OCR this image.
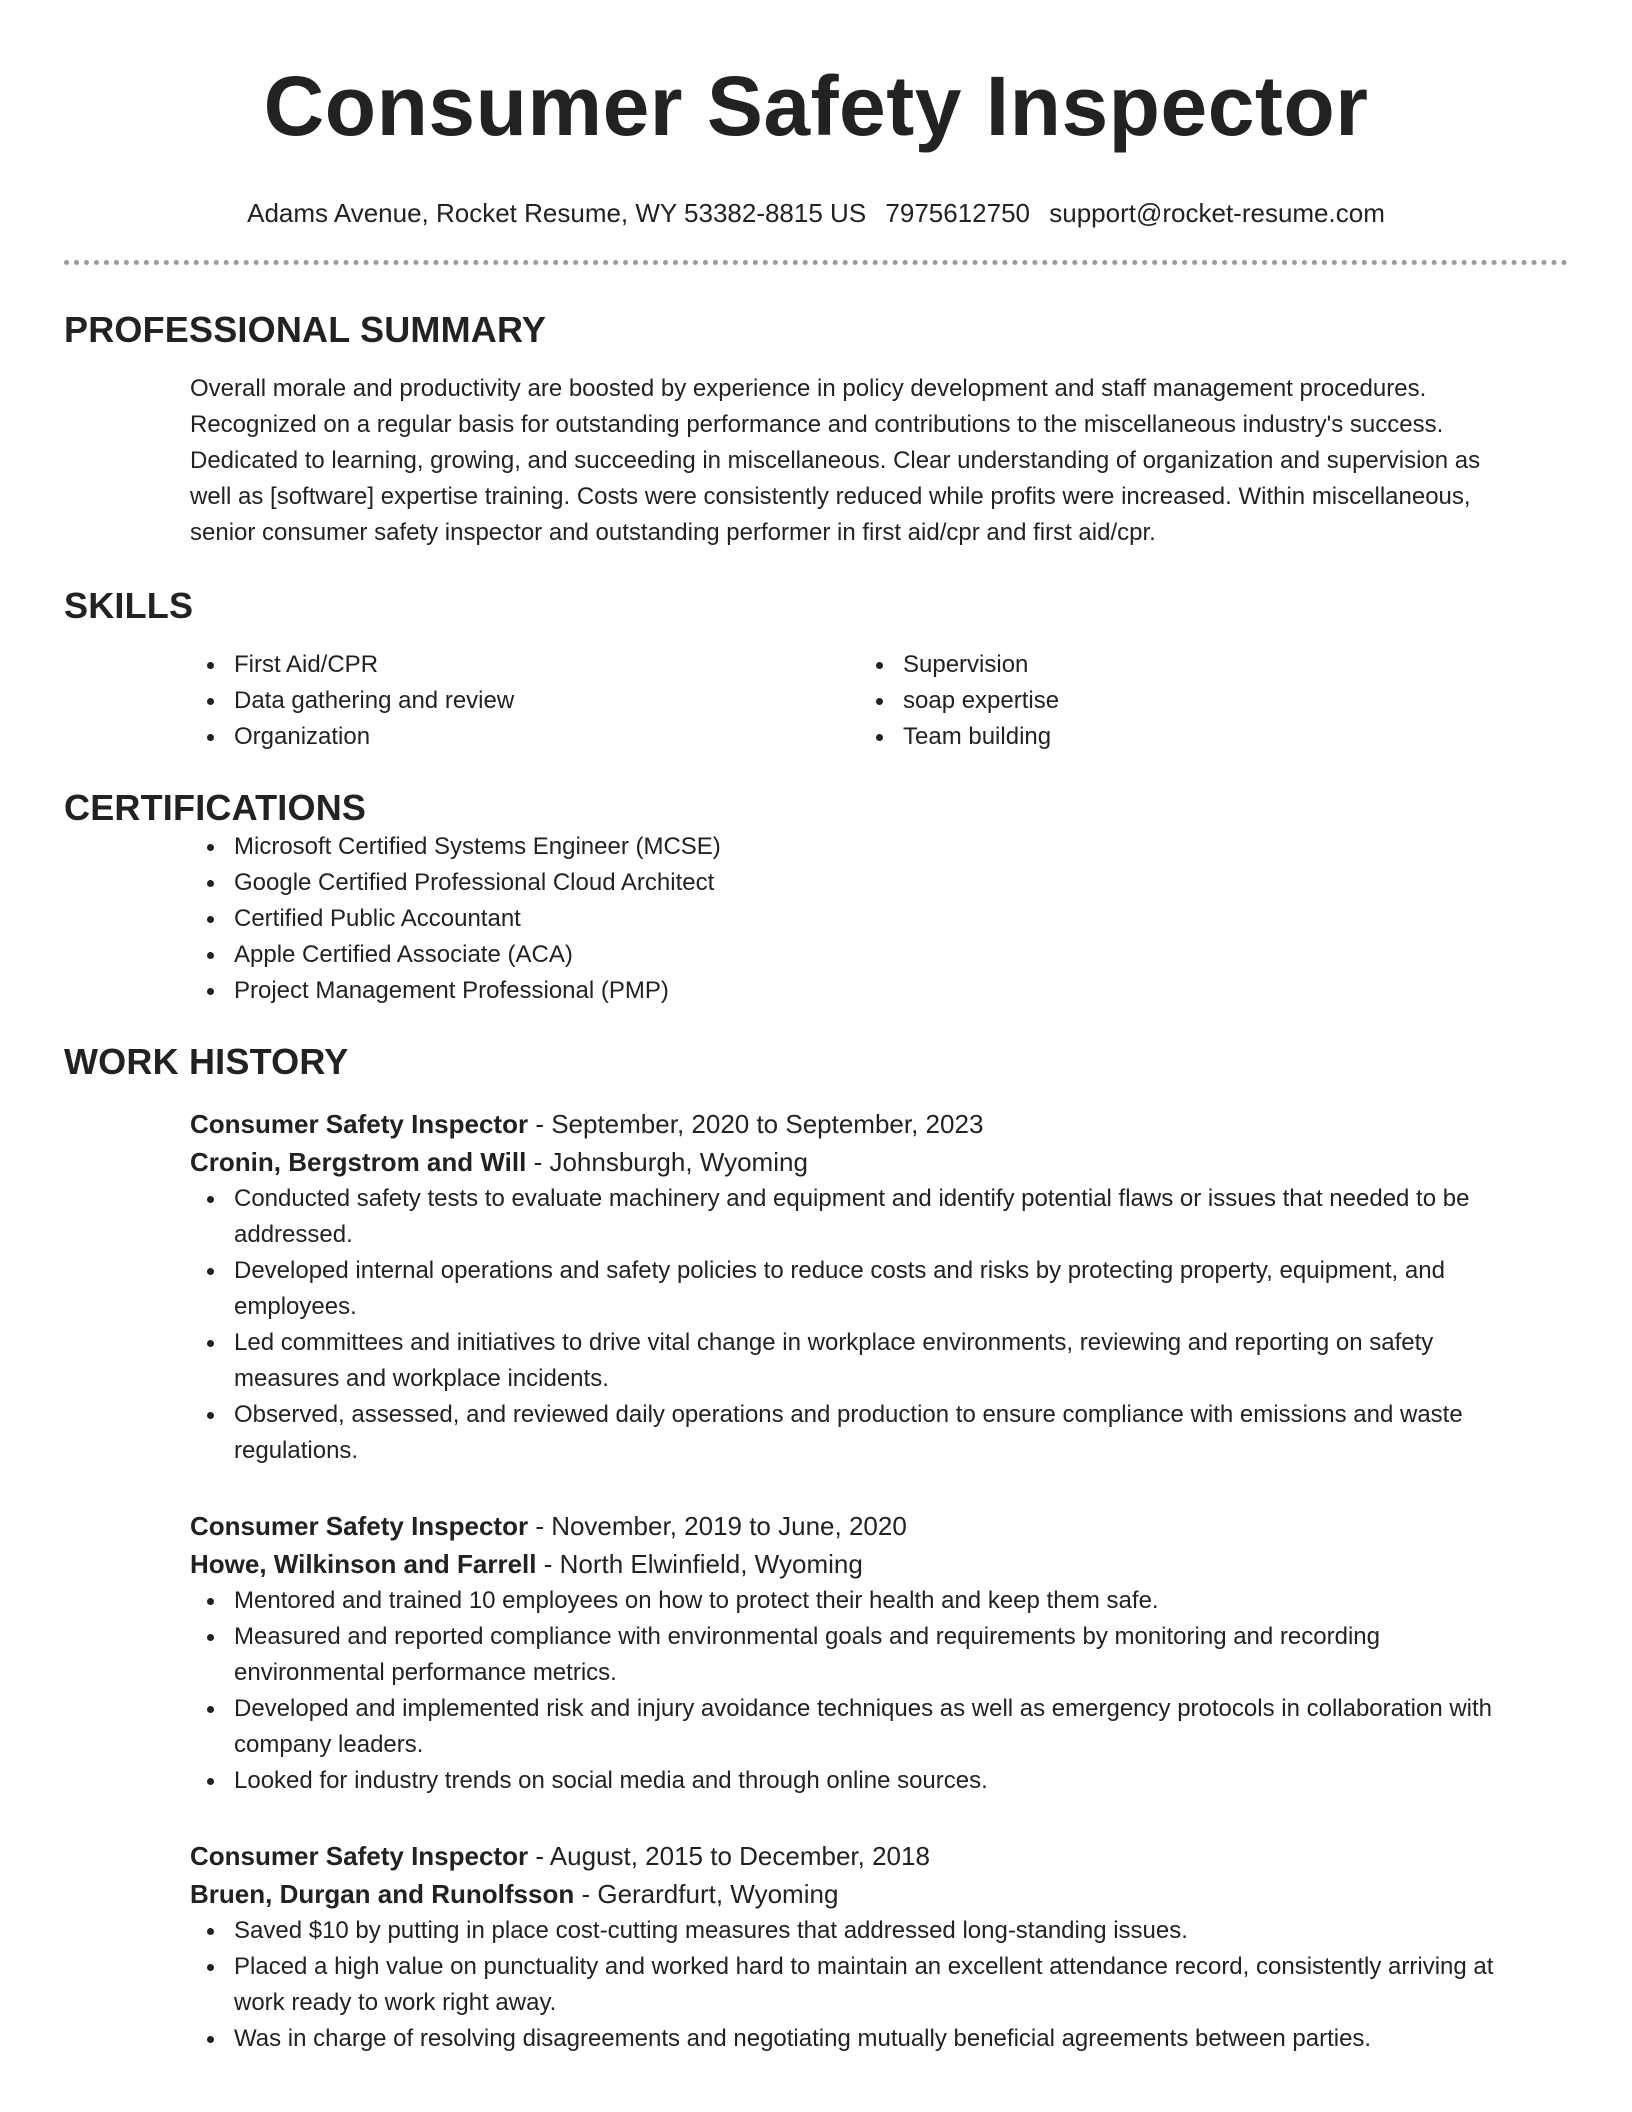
Consumer Safety Inspector
Adams Avenue, Rocket Resume, WY 53382-8815 US 7975612750 support@rocket-resume.com
PROFESSIONAL SUMMARY

Overall morale and productivity are boosted by experience in policy development and staff management procedures. Recognized on a regular basis for outstanding performance and contributions to the miscellaneous industry's success. Dedicated to learning, growing, and succeeding in miscellaneous. Clear understanding of organization and supervision as well as [software] expertise training. Costs were consistently reduced while profits were increased. Within miscellaneous, senior consumer safety inspector and outstanding performer in first aid/cpr and first aid/cpr.

SKILLS
First Aid/CPR
Data gathering and review
Organization
Supervision
soap expertise
Team building
CERTIFICATIONS
Microsoft Certified Systems Engineer (MCSE)
Google Certified Professional Cloud Architect
Certified Public Accountant
Apple Certified Associate (ACA)
Project Management Professional (PMP)
WORK HISTORY
Consumer Safety Inspector - September, 2020 to September, 2023
Cronin, Bergstrom and Will - Johnsburgh, Wyoming
Conducted safety tests to evaluate machinery and equipment and identify potential flaws or issues that needed to be addressed.
Developed internal operations and safety policies to reduce costs and risks by protecting property, equipment, and employees.
Led committees and initiatives to drive vital change in workplace environments, reviewing and reporting on safety measures and workplace incidents.
Observed, assessed, and reviewed daily operations and production to ensure compliance with emissions and waste regulations.
Consumer Safety Inspector - November, 2019 to June, 2020
Howe, Wilkinson and Farrell - North Elwinfield, Wyoming
Mentored and trained 10 employees on how to protect their health and keep them safe.
Measured and reported compliance with environmental goals and requirements by monitoring and recording environmental performance metrics.
Developed and implemented risk and injury avoidance techniques as well as emergency protocols in collaboration with company leaders.
Looked for industry trends on social media and through online sources.
Consumer Safety Inspector - August, 2015 to December, 2018
Bruen, Durgan and Runolfsson - Gerardfurt, Wyoming
Saved $10 by putting in place cost-cutting measures that addressed long-standing issues.
Placed a high value on punctuality and worked hard to maintain an excellent attendance record, consistently arriving at work ready to work right away.
Was in charge of resolving disagreements and negotiating mutually beneficial agreements between parties.
